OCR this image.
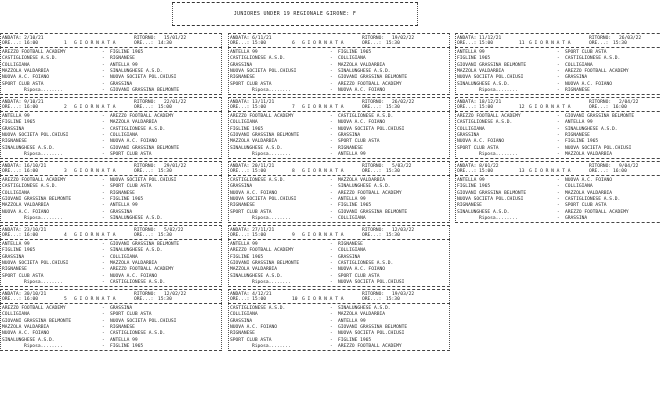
JUNIORES UNDER 19 REGIONALE GIRONE: F
ANDATA: 2/10/21	RITORNO: 15/01/22
ORE...: 16:00	1 G I O R N A T A	ORE...: 14:30
AREZZO FOOTBALL ACADEMY	- FIGLINE 1965
CASTIGLIONESE A.S.D.	- RIGNANESE
COLLIGIANA	- ANTELLA 99
MAZZOLA VALDARBIA	- SINALUNGHESE A.S.D.
NUOVA A.C. FOIANO	- NUOVA SOCIETA POL.CHIUSI
SPORT CLUB ASTA	- GRASSINA
Riposa........	- GIOVANI GRASSINA BELMONTE
ANDATA: 9/10/21	RITORNO: 22/01/22
ORE...: 16:00	2 G I O R N A T A	ORE...: 15:00
ANTELLA 99	- AREZZO FOOTBALL ACADEMY
FIGLINE 1965	- MAZZOLA VALDARBIA
GRASSINA	- CASTIGLIONESE A.S.D.
NUOVA SOCIETA POL.CHIUSI	- COLLIGIANA
RIGNANESE	- NUOVA A.C. FOIANO
SINALUNGHESE A.S.D.	- GIOVANI GRASSINA BELMONTE
Riposa........	- SPORT CLUB ASTA
ANDATA: 16/10/21	RITORNO: 29/01/22
ORE...: 16:00	3 G I O R N A T A	ORE...: 15:30
AREZZO FOOTBALL ACADEMY	- NUOVA SOCIETA POL.CHIUSI
CASTIGLIONESE A.S.D.	- SPORT CLUB ASTA
COLLIGIANA	- RIGNANESE
GIOVANI GRASSINA BELMONTE	- FIGLINE 1965
MAZZOLA VALDARBIA	- ANTELLA 99
NUOVA A.C. FOIANO	- GRASSINA
Riposa........	- SINALUNGHESE A.S.D.
ANDATA: 23/10/21	RITORNO: 5/02/22
ORE...: 16:00	4 G I O R N A T A	ORE...: 15:30
ANTELLA 99	- GIOVANI GRASSINA BELMONTE
FIGLINE 1965	- SINALUNGHESE A.S.D.
GRASSINA	- COLLIGIANA
NUOVA SOCIETA POL.CHIUSI	- MAZZOLA VALDARBIA
RIGNANESE	- AREZZO FOOTBALL ACADEMY
SPORT CLUB ASTA	- NUOVA A.C. FOIANO
Riposa........	- CASTIGLIONESE A.S.D.
ANDATA: 30/10/21	RITORNO: 12/02/22
ORE...: 16:00	5 G I O R N A T A	ORE...: 15:30
AREZZO FOOTBALL ACADEMY	- GRASSINA
COLLIGIANA	- SPORT CLUB ASTA
GIOVANI GRASSINA BELMONTE	- NUOVA SOCIETA POL.CHIUSI
MAZZOLA VALDARBIA	- RIGNANESE
NUOVA A.C. FOIANO	- CASTIGLIONESE A.S.D.
SINALUNGHESE A.S.D.	- ANTELLA 99
Riposa........	- FIGLINE 1965
ANDATA: 6/11/21	RITORNO: 19/02/22
ORE...: 15:00	6 G I O R N A T A	ORE...: 15:30
ANTELLA 99	- FIGLINE 1965
CASTIGLIONESE A.S.D.	- COLLIGIANA
GRASSINA	- MAZZOLA VALDARBIA
NUOVA SOCIETA POL.CHIUSI	- SINALUNGHESE A.S.D.
RIGNANESE	- GIOVANI GRASSINA BELMONTE
SPORT CLUB ASTA	- AREZZO FOOTBALL ACADEMY
Riposa........	- NUOVA A.C. FOIANO
ANDATA: 13/11/21	RITORNO: 26/02/22
ORE...: 15:00	7 G I O R N A T A	ORE...: 15:30
AREZZO FOOTBALL ACADEMY	- CASTIGLIONESE A.S.D.
COLLIGIANA	- NUOVA A.C. FOIANO
FIGLINE 1965	- NUOVA SOCIETA POL.CHIUSI
GIOVANI GRASSINA BELMONTE	- GRASSINA
MAZZOLA VALDARBIA	- SPORT CLUB ASTA
SINALUNGHESE A.S.D.	- RIGNANESE
Riposa........	- ANTELLA 99
ANDATA: 20/11/21	RITORNO: 5/03/22
ORE...: 15:00	8 G I O R N A T A	ORE...: 15:30
CASTIGLIONESE A.S.D.	- MAZZOLA VALDARBIA
GRASSINA	- SINALUNGHESE A.S.D.
NUOVA A.C. FOIANO	- AREZZO FOOTBALL ACADEMY
NUOVA SOCIETA POL.CHIUSI	- ANTELLA 99
RIGNANESE	- FIGLINE 1965
SPORT CLUB ASTA	- GIOVANI GRASSINA BELMONTE
Riposa........	- COLLIGIANA
ANDATA: 27/11/21	RITORNO: 12/03/22
ORE...: 15:00	9 G I O R N A T A	ORE...: 15:30
ANTELLA 99	- RIGNANESE
AREZZO FOOTBALL ACADEMY	- COLLIGIANA
FIGLINE 1965	- GRASSINA
GIOVANI GRASSINA BELMONTE	- CASTIGLIONESE A.S.D.
MAZZOLA VALDARBIA	- NUOVA A.C. FOIANO
SINALUNGHESE A.S.D.	- SPORT CLUB ASTA
Riposa........	- NUOVA SOCIETA POL.CHIUSI
ANDATA: 4/12/21	RITORNO: 19/03/22
ORE...: 15:00	10 G I O R N A T A	ORE...: 15:30
CASTIGLIONESE A.S.D.	- SINALUNGHESE A.S.D.
COLLIGIANA	- MAZZOLA VALDARBIA
GRASSINA	- ANTELLA 99
NUOVA A.C. FOIANO	- GIOVANI GRASSINA BELMONTE
RIGNANESE	- NUOVA SOCIETA POL.CHIUSI
SPORT CLUB ASTA	- FIGLINE 1965
Riposa........	- AREZZO FOOTBALL ACADEMY
ANDATA: 11/12/21	RITORNO: 26/03/22
ORE...: 15:00	11 G I O R N A T A	ORE...: 15:30
ANTELLA 99	- SPORT CLUB ASTA
FIGLINE 1965	- CASTIGLIONESE A.S.D.
GIOVANI GRASSINA BELMONTE	- COLLIGIANA
MAZZOLA VALDARBIA	- AREZZO FOOTBALL ACADEMY
NUOVA SOCIETA POL.CHIUSI	- GRASSINA
SINALUNGHESE A.S.D.	- NUOVA A.C. FOIANO
Riposa........	- RIGNANESE
ANDATA: 18/12/21	RITORNO: 2/04/22
ORE...: 15:00	12 G I O R N A T A	ORE...: 16:00
AREZZO FOOTBALL ACADEMY	- GIOVANI GRASSINA BELMONTE
CASTIGLIONESE A.S.D.	- ANTELLA 99
COLLIGIANA	- SINALUNGHESE A.S.D.
GRASSINA	- RIGNANESE
NUOVA A.C. FOIANO	- FIGLINE 1965
SPORT CLUB ASTA	- NUOVA SOCIETA POL.CHIUSI
Riposa........	- MAZZOLA VALDARBIA
ANDATA: 8/01/22	RITORNO: 9/04/22
ORE...: 15:00	13 G I O R N A T A	ORE...: 16:00
ANTELLA 99	- NUOVA A.C. FOIANO
FIGLINE 1965	- COLLIGIANA
GIOVANI GRASSINA BELMONTE	- MAZZOLA VALDARBIA
NUOVA SOCIETA POL.CHIUSI	- CASTIGLIONESE A.S.D.
RIGNANESE	- SPORT CLUB ASTA
SINALUNGHESE A.S.D.	- AREZZO FOOTBALL ACADEMY
Riposa........	- GRASSINA
